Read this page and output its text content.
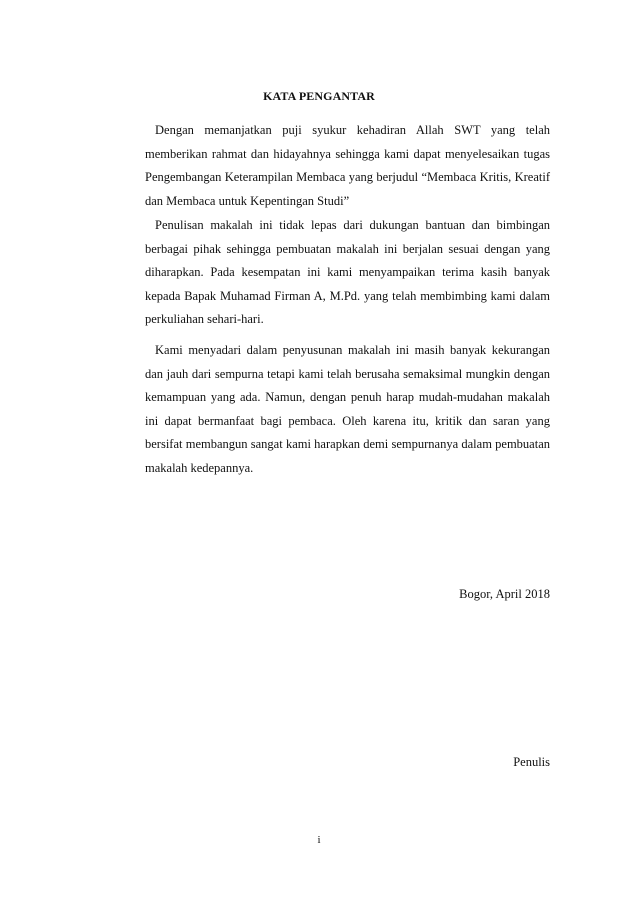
KATA PENGANTAR

Dengan memanjatkan puji syukur kehadiran Allah SWT yang telah memberikan rahmat dan hidayahnya sehingga kami dapat menyelesaikan tugas Pengembangan Keterampilan Membaca yang berjudul “Membaca Kritis, Kreatif dan Membaca untuk Kepentingan Studi”

Penulisan makalah ini tidak lepas dari dukungan bantuan dan bimbingan berbagai pihak sehingga pembuatan makalah ini berjalan sesuai dengan yang diharapkan. Pada kesempatan ini kami menyampaikan terima kasih banyak kepada Bapak Muhamad Firman A, M.Pd. yang telah membimbing kami dalam perkuliahan sehari-hari.

Kami menyadari dalam penyusunan makalah ini masih banyak kekurangan dan jauh dari sempurna tetapi kami telah berusaha semaksimal mungkin dengan kemampuan yang ada. Namun, dengan penuh harap mudah-mudahan makalah ini dapat bermanfaat bagi pembaca. Oleh karena itu, kritik dan saran yang bersifat membangun sangat kami harapkan demi sempurnanya dalam pembuatan makalah kedepannya.

Bogor, April 2018
Penulis
i
